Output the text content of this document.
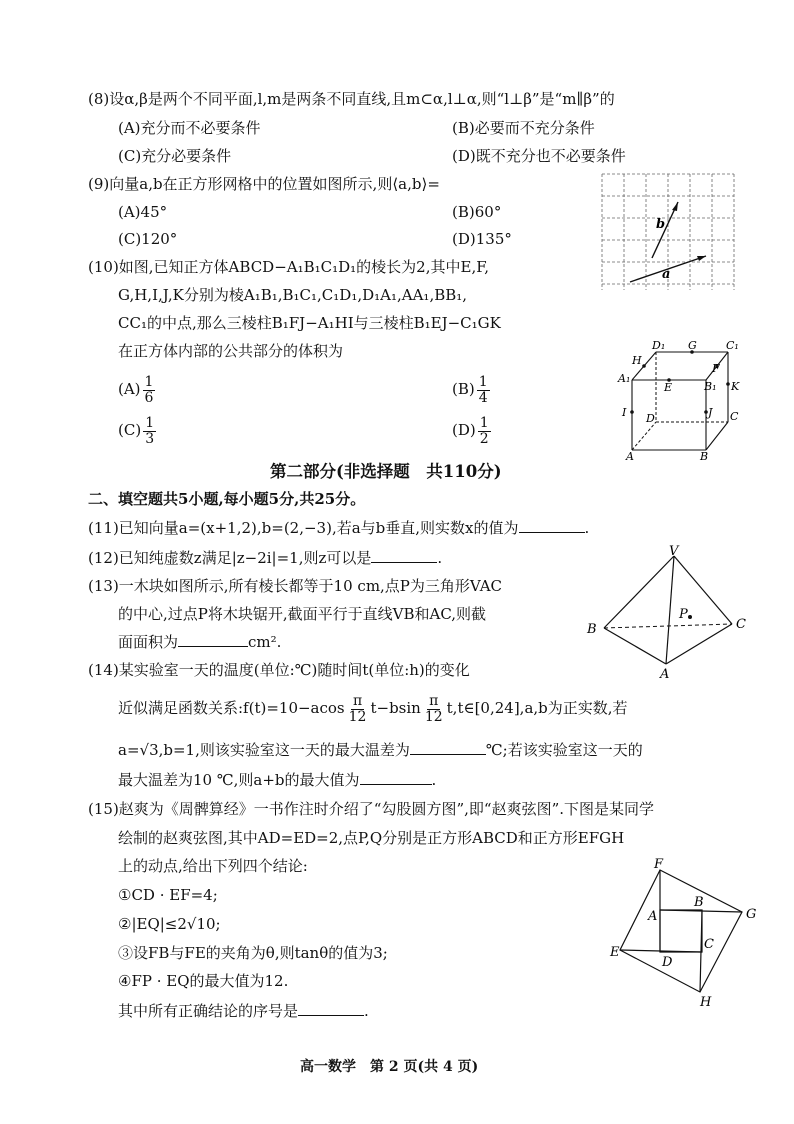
(8)设α,β是两个不同平面,l,m是两条不同直线,且m⊂α,l⊥α,则“l⊥β”是“m∥β”的
(A)充分而不必要条件	(B)必要而不充分条件
(C)充分必要条件	(D)既不充分也不必要条件
(9)向量a,b在正方形网格中的位置如图所示,则⟨a,b⟩=
(A)45°	(B)60°
(C)120°	(D)135°
b
a
(10)如图,已知正方体ABCD−A₁B₁C₁D₁的棱长为2,其中E,F,
G,H,I,J,K分别为棱A₁B₁,B₁C₁,C₁D₁,D₁A₁,AA₁,BB₁,
CC₁的中点,那么三棱柱B₁FJ−A₁HI与三棱柱B₁EJ−C₁GK
在正方体内部的公共部分的体积为
$(A) \frac{1}{6}$	$(B) \frac{1}{4}$
$(C) \frac{1}{3}$	$(D) \frac{1}{2}$
D₁ G	C₁
H
F
A₁
E	B₁ K
I D	J C
A	B
第二部分(非选择题　共110分)
二、填空题共5小题,每小题5分,共25分。
(11)已知向量a=(x+1,2),b=(2,−3),若a与b垂直,则实数x的值为	.
(12)已知纯虚数z满足|z−2i|=1,则z可以是	.
(13)一木块如图所示,所有棱长都等于10 cm,点P为三角形VAC
的中心,过点P将木块锯开,截面平行于直线VB和AC,则截
面面积为	cm².
V
P
B	C
A
(14)某实验室一天的温度(单位:℃)随时间t(单位:h)的变化
近似满足函数关系:f(t)=10−acos $\frac{\pi}{12} t-bsin \frac{\pi}{12}$ t,t∈[0,24],a,b为正实数,若
a=√3,b=1,则该实验室这一天的最大温差为	℃;若该实验室这一天的
最大温差为10 ℃,则a+b的最大值为	.
(15)赵爽为《周髀算经》一书作注时介绍了“勾股圆方图”,即“赵爽弦图”.下图是某同学
绘制的赵爽弦图,其中AD=ED=2,点P,Q分别是正方形ABCD和正方形EFGH
上的动点,给出下列四个结论:
①CD · EF=4;
②|EQ|≤2√10;
③设FB与FE的夹角为θ,则tanθ的值为3;
④FP · EQ的最大值为12.
其中所有正确结论的序号是	.
F
A
B
G
E
C
D
H
高一数学　第 2 页(共 4 页)
